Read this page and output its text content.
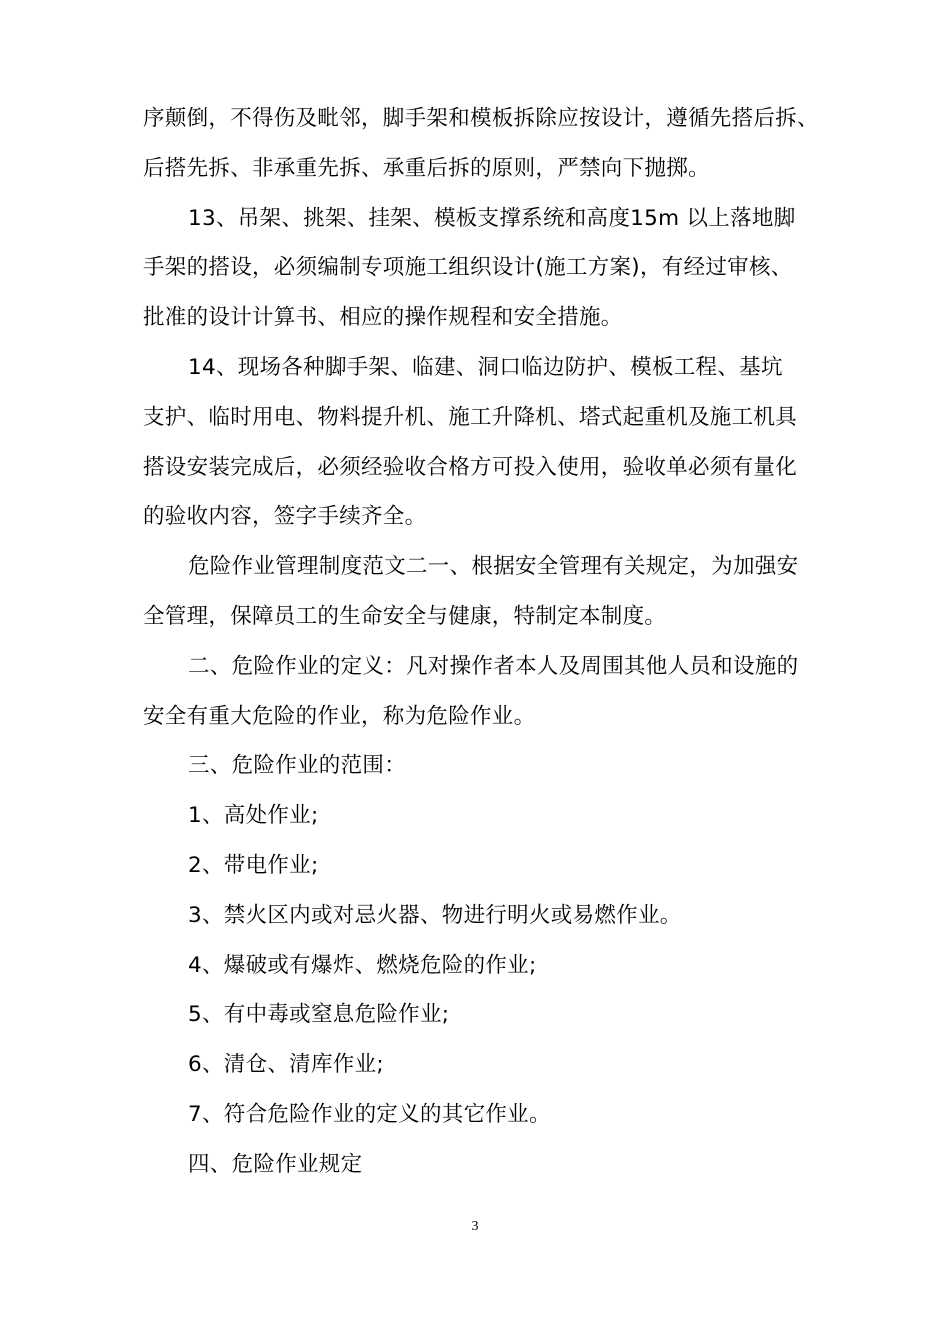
序颠倒，不得伤及毗邻，脚手架和模板拆除应按设计，遵循先搭后拆、

后搭先拆、非承重先拆、承重后拆的原则，严禁向下抛掷。

13、吊架、挑架、挂架、模板支撑系统和高度15m 以上落地脚

手架的搭设，必须编制专项施工组织设计(施工方案)，有经过审核、

批准的设计计算书、相应的操作规程和安全措施。

14、现场各种脚手架、临建、洞口临边防护、模板工程、基坑

支护、临时用电、物料提升机、施工升降机、塔式起重机及施工机具

搭设安装完成后，必须经验收合格方可投入使用，验收单必须有量化

的验收内容，签字手续齐全。

危险作业管理制度范文二一、根据安全管理有关规定，为加强安

全管理，保障员工的生命安全与健康，特制定本制度。

二、危险作业的定义：凡对操作者本人及周围其他人员和设施的

安全有重大危险的作业，称为危险作业。

三、危险作业的范围：

1、高处作业;

2、带电作业;

3、禁火区内或对忌火器、物进行明火或易燃作业。

4、爆破或有爆炸、燃烧危险的作业;

5、有中毒或窒息危险作业;

6、清仓、清库作业;

7、符合危险作业的定义的其它作业。

四、危险作业规定

3
